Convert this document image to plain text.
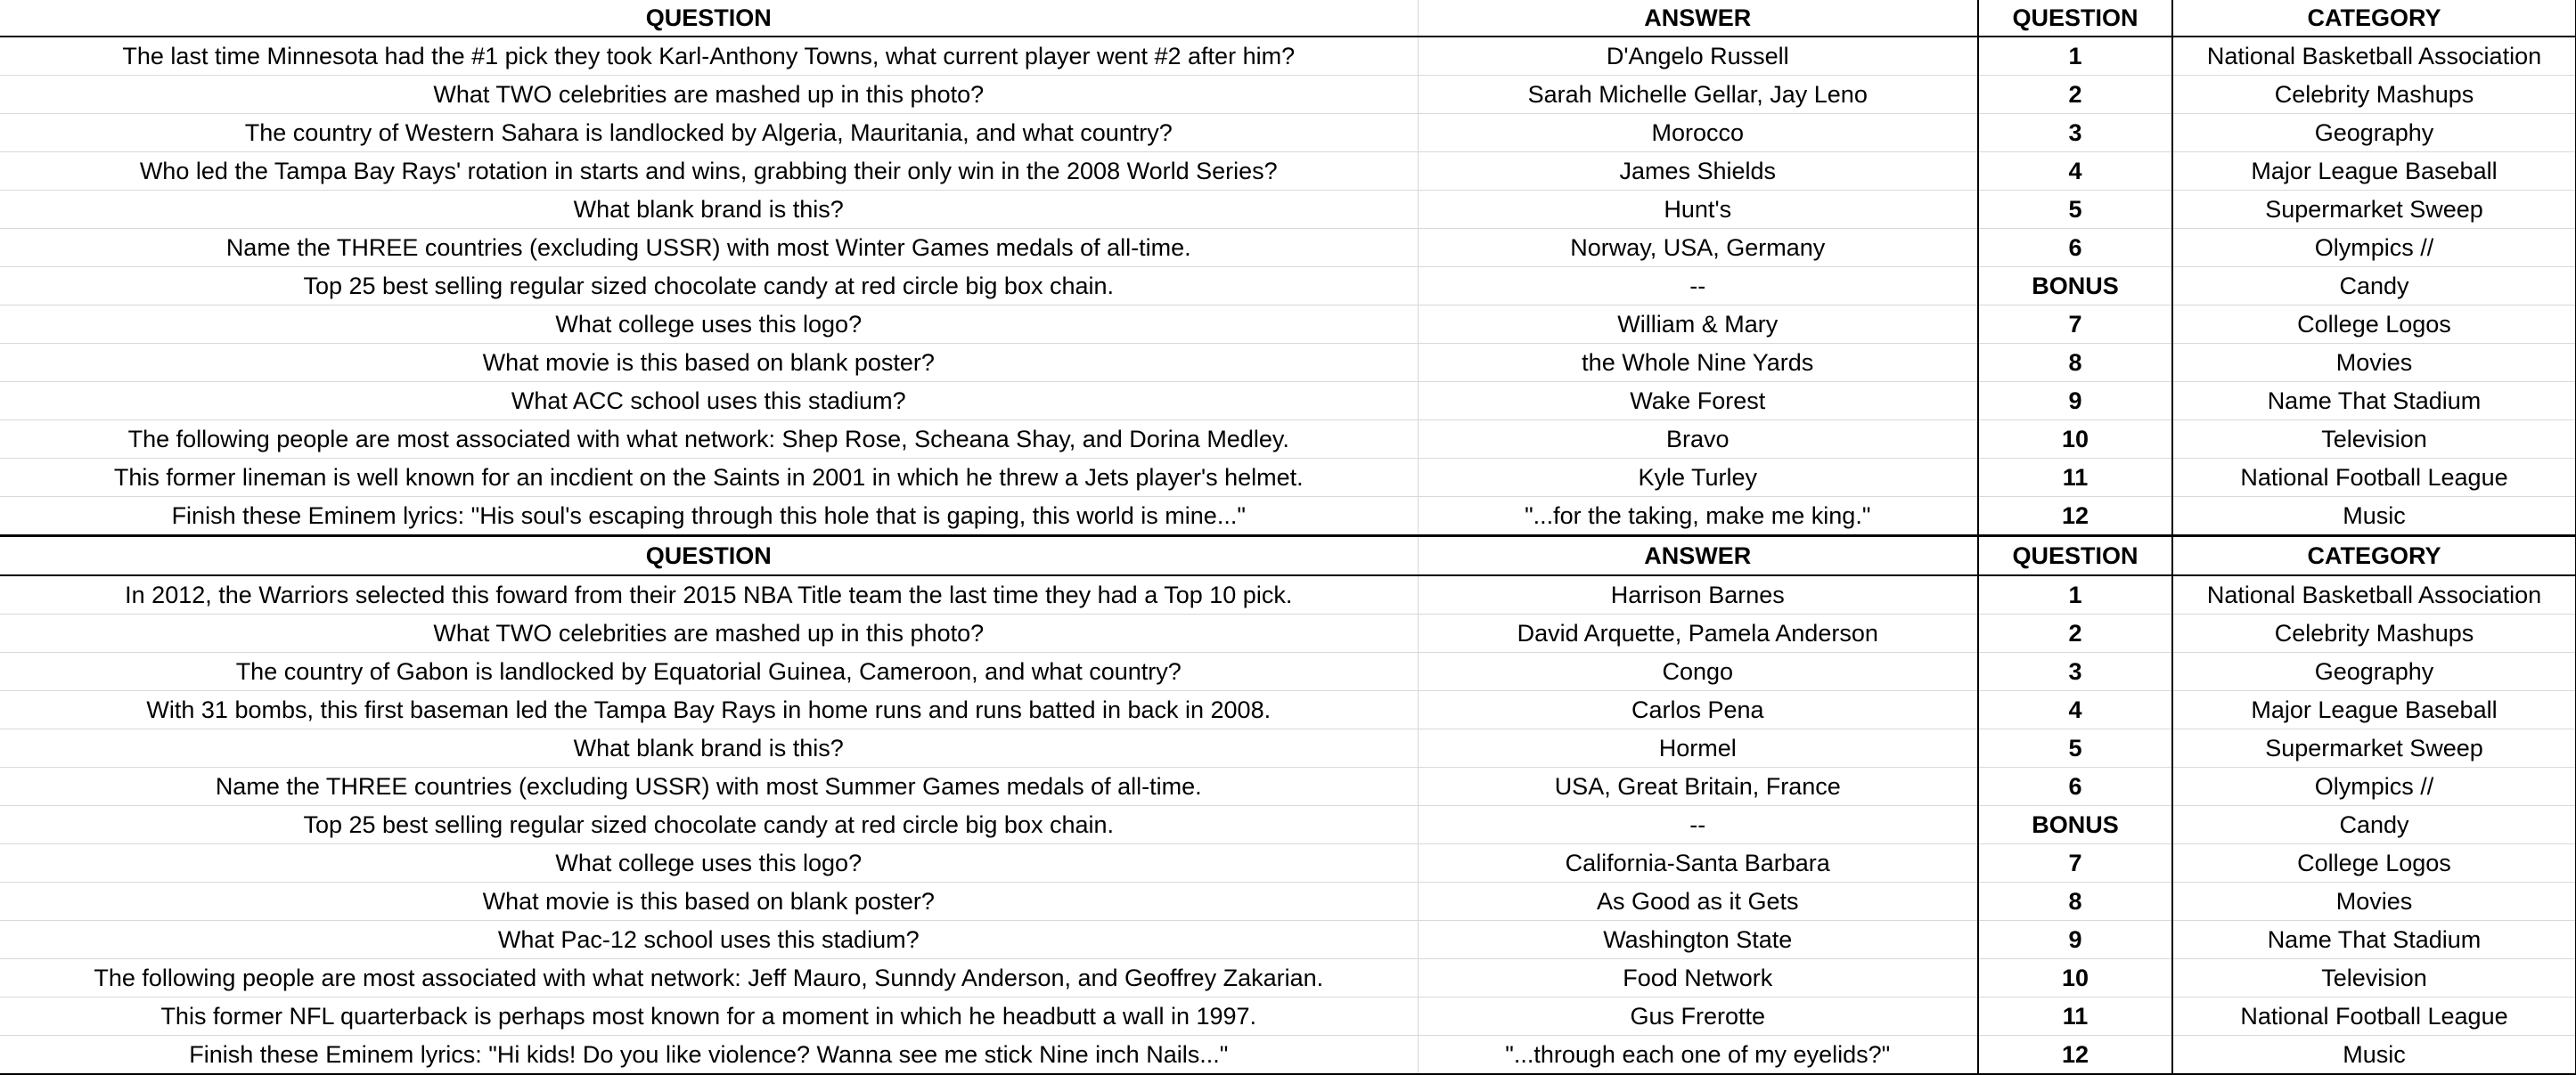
QUESTION	ANSWER	QUESTION	CATEGORY
The last time Minnesota had the #1 pick they took Karl-Anthony Towns, what current player went #2 after him?	D'Angelo Russell	1	National Basketball Association
What TWO celebrities are mashed up in this photo?	Sarah Michelle Gellar, Jay Leno	2	Celebrity Mashups
The country of Western Sahara is landlocked by Algeria, Mauritania, and what country?	Morocco	3	Geography
Who led the Tampa Bay Rays' rotation in starts and wins, grabbing their only win in the 2008 World Series?	James Shields	4	Major League Baseball
What blank brand is this?	Hunt's	5	Supermarket Sweep
Name the THREE countries (excluding USSR) with most Winter Games medals of all-time.	Norway, USA, Germany	6	Olympics //
Top 25 best selling regular sized chocolate candy at red circle big box chain.	--	BONUS	Candy
What college uses this logo?	William & Mary	7	College Logos
What movie is this based on blank poster?	the Whole Nine Yards	8	Movies
What ACC school uses this stadium?	Wake Forest	9	Name That Stadium
The following people are most associated with what network: Shep Rose, Scheana Shay, and Dorina Medley.	Bravo	10	Television
This former lineman is well known for an incdient on the Saints in 2001 in which he threw a Jets player's helmet.	Kyle Turley	11	National Football League
Finish these Eminem lyrics: "His soul's escaping through this hole that is gaping, this world is mine..."	"...for the taking, make me king."	12	Music
QUESTION	ANSWER	QUESTION	CATEGORY
In 2012, the Warriors selected this foward from their 2015 NBA Title team the last time they had a Top 10 pick.	Harrison Barnes	1	National Basketball Association
What TWO celebrities are mashed up in this photo?	David Arquette, Pamela Anderson	2	Celebrity Mashups
The country of Gabon is landlocked by Equatorial Guinea, Cameroon, and what country?	Congo	3	Geography
With 31 bombs, this first baseman led the Tampa Bay Rays in home runs and runs batted in back in 2008.	Carlos Pena	4	Major League Baseball
What blank brand is this?	Hormel	5	Supermarket Sweep
Name the THREE countries (excluding USSR) with most Summer Games medals of all-time.	USA, Great Britain, France	6	Olympics //
Top 25 best selling regular sized chocolate candy at red circle big box chain.	--	BONUS	Candy
What college uses this logo?	California-Santa Barbara	7	College Logos
What movie is this based on blank poster?	As Good as it Gets	8	Movies
What Pac-12 school uses this stadium?	Washington State	9	Name That Stadium
The following people are most associated with what network: Jeff Mauro, Sunndy Anderson, and Geoffrey Zakarian.	Food Network	10	Television
This former NFL quarterback is perhaps most known for a moment in which he headbutt a wall in 1997.	Gus Frerotte	11	National Football League
Finish these Eminem lyrics: "Hi kids! Do you like violence? Wanna see me stick Nine inch Nails..."	"...through each one of my eyelids?"	12	Music
